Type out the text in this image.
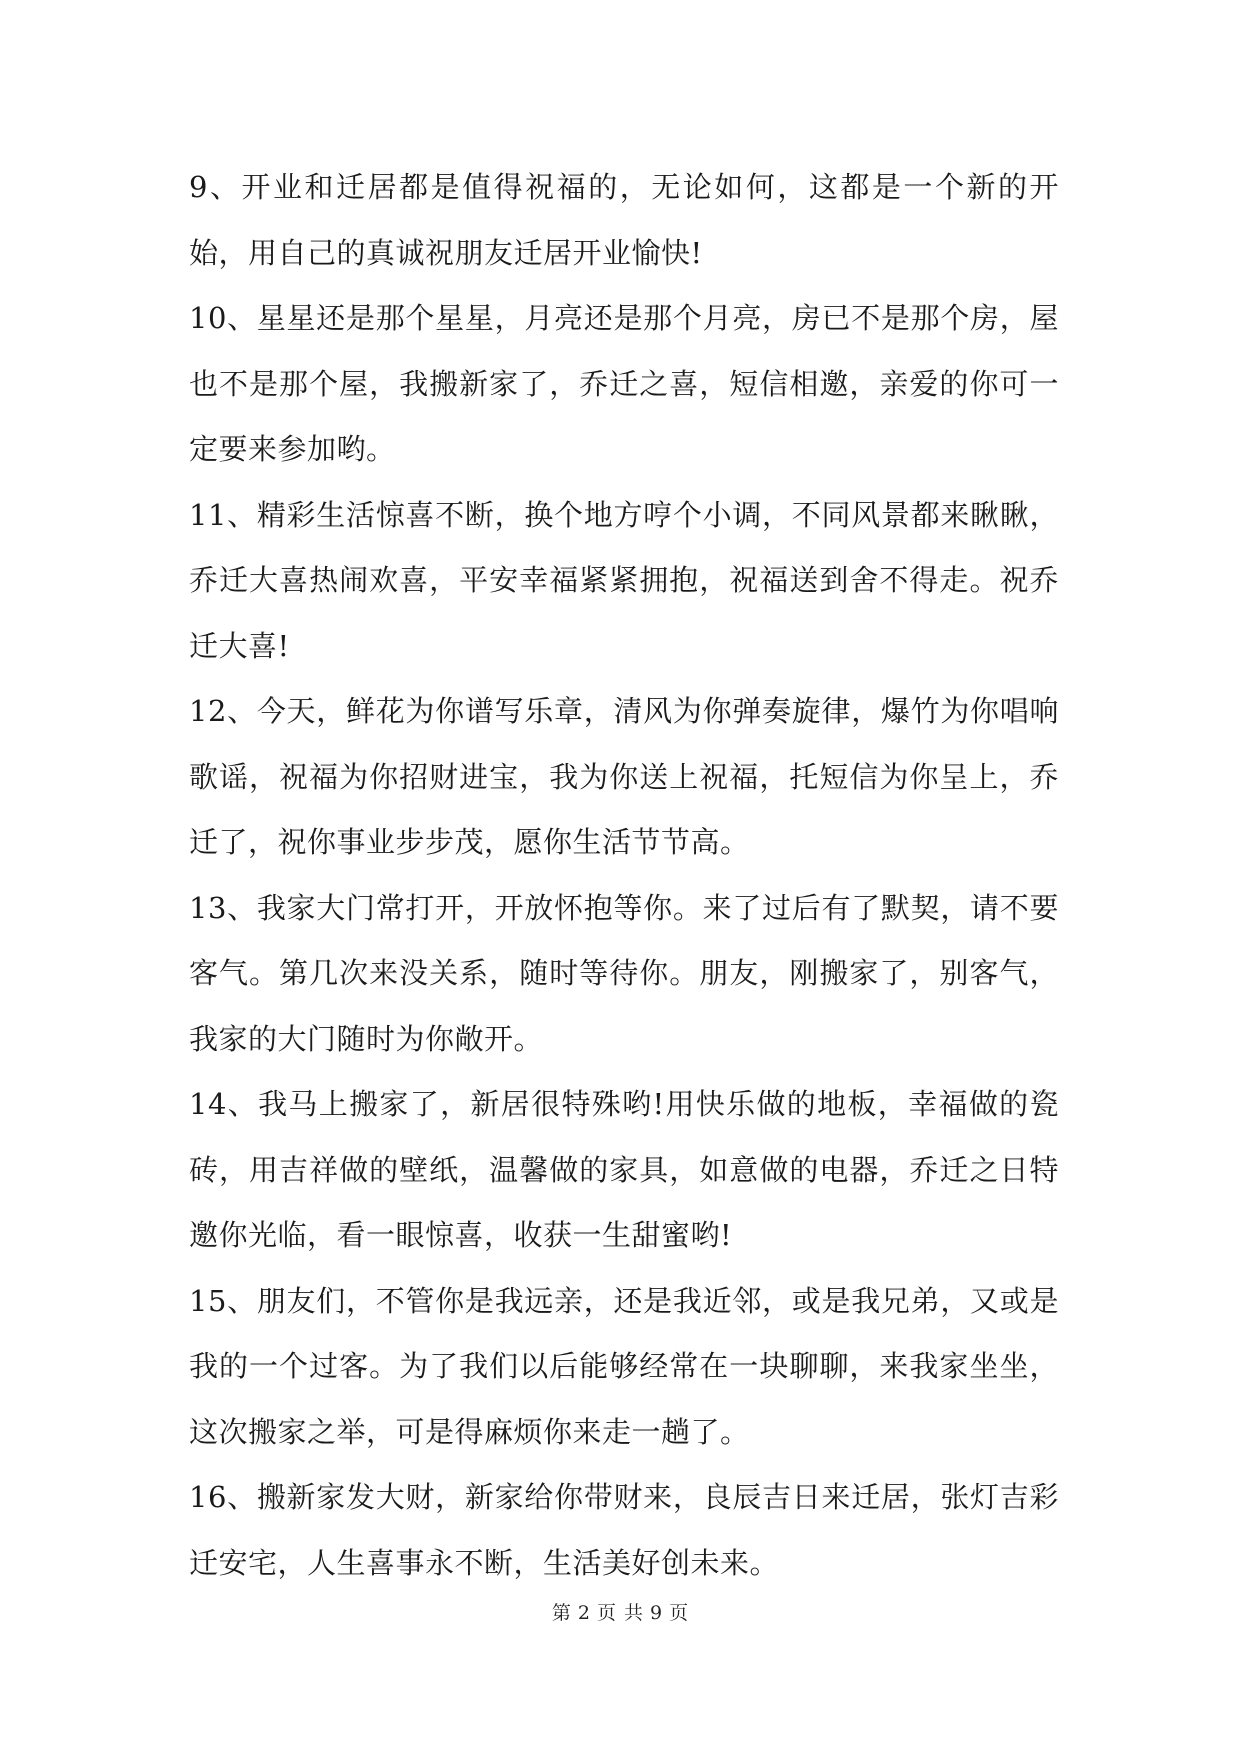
9、开业和迁居都是值得祝福的，无论如何，这都是一个新的开始，用自己的真诚祝朋友迁居开业愉快!

10、星星还是那个星星，月亮还是那个月亮，房已不是那个房，屋也不是那个屋，我搬新家了，乔迁之喜，短信相邀，亲爱的你可一定要来参加哟。

11、精彩生活惊喜不断，换个地方哼个小调，不同风景都来瞅瞅，乔迁大喜热闹欢喜，平安幸福紧紧拥抱，祝福送到舍不得走。祝乔迁大喜!

12、今天，鲜花为你谱写乐章，清风为你弹奏旋律，爆竹为你唱响歌谣，祝福为你招财进宝，我为你送上祝福，托短信为你呈上，乔迁了，祝你事业步步茂，愿你生活节节高。

13、我家大门常打开，开放怀抱等你。来了过后有了默契，请不要客气。第几次来没关系，随时等待你。朋友，刚搬家了，别客气，我家的大门随时为你敞开。

14、我马上搬家了，新居很特殊哟!用快乐做的地板，幸福做的瓷砖，用吉祥做的壁纸，温馨做的家具，如意做的电器，乔迁之日特邀你光临，看一眼惊喜，收获一生甜蜜哟!

15、朋友们，不管你是我远亲，还是我近邻，或是我兄弟，又或是我的一个过客。为了我们以后能够经常在一块聊聊，来我家坐坐，这次搬家之举，可是得麻烦你来走一趟了。

16、搬新家发大财，新家给你带财来，良辰吉日来迁居，张灯吉彩迁安宅，人生喜事永不断，生活美好创未来。

第 2 页 共 9 页
